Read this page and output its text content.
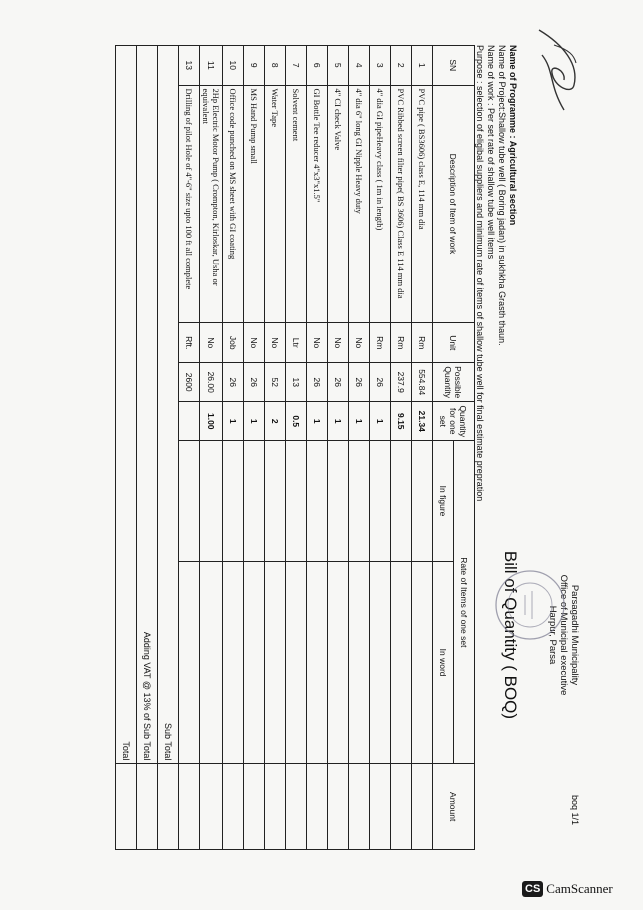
Parsagadhi Municipality
Office of Municipal executive
Harpur, Parsa
Bill of Quantity ( BOQ)
boq 1/1
Name of Programme : Agricultural section
Name of Project:Shallow tube well ( Boring jadan) in sukhkha Grasth thaun.
Name of work : Per set rate of shallow tube well items
Purpose : selection of eligibal suppliers and minimum rate of items of shallow tube well for final estimate prepration
SN	Description of Item of work	Unit	Possible Quantity	Quantity for one set	Rate of Items of one set		Amount
					In figure	In word	
1	PVC pipe ( BS3606) class E, 114 mm dia	Rm	554.84	21.34			
2	PVC Ribbed screen filter pipe( BS 3606) Class E 114 mm dia	Rm	237.9	9.15			
3	4" dia GI pipeHeavy class ( 1m in length)	Rm	26	1			
4	4" dia 6" long GI Nipple Heavy duty	No	26	1			
5	4" CI check Valve	No	26	1			
6	GI Bottle Tee reducer 4"x3"x1.5"	No	26	1			
7	Solvent cement	Ltr	13	0.5			
8	Water Tape	No	52	2			
9	MS Hand Pump small	No	26	1			
10	Office code punched on MS sheet with GI coating	Job	26	1			
11	2Hp Electric Motor Pump ( Crompton, Kirloskar, Usha or equivalent	No	26.00	1.00			
13	Drilling of pilot Hole of 4"-6" size upto 100 ft all complete	Rft.	2600				
Sub Total							
Adding VAT @ 13% of Sub Total							
Total							
CS CamScanner
